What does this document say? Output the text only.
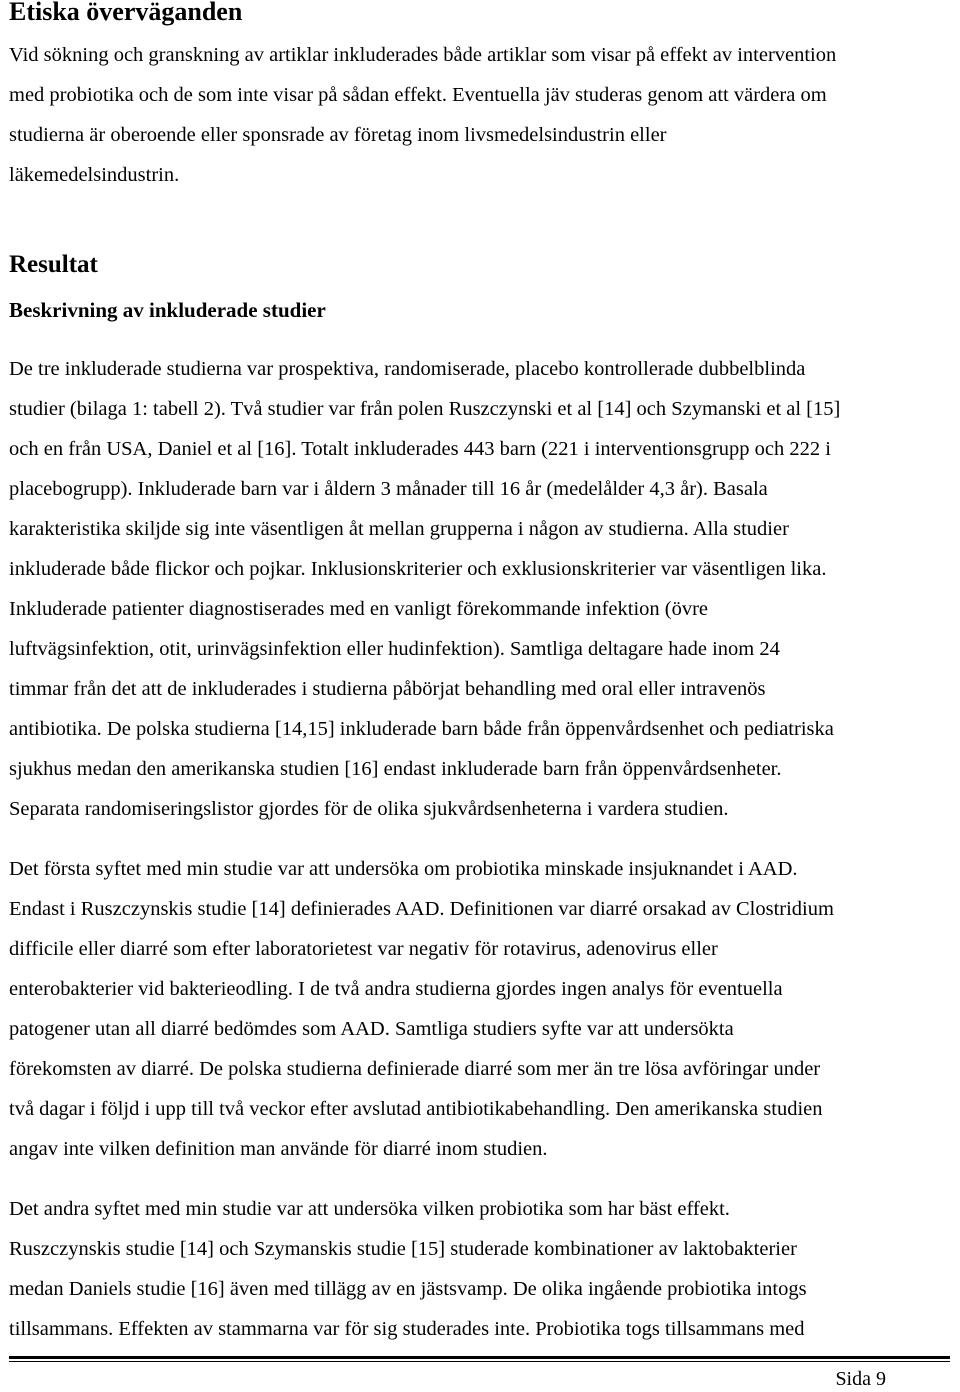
Etiska överväganden

Vid sökning och granskning av artiklar inkluderades både artiklar som visar på effekt av intervention
med probiotika och de som inte visar på sådan effekt. Eventuella jäv studeras genom att värdera om
studierna är oberoende eller sponsrade av företag inom livsmedelsindustrin eller
läkemedelsindustrin.

Resultat
Beskrivning av inkluderade studier

De tre inkluderade studierna var prospektiva, randomiserade, placebo kontrollerade dubbelblinda
studier (bilaga 1: tabell 2). Två studier var från polen Ruszczynski et al [14] och Szymanski et al [15]
och en från USA, Daniel et al [16]. Totalt inkluderades 443 barn (221 i interventionsgrupp och 222 i
placebogrupp). Inkluderade barn var i åldern 3 månader till 16 år (medelålder 4,3 år). Basala
karakteristika skiljde sig inte väsentligen åt mellan grupperna i någon av studierna. Alla studier
inkluderade både flickor och pojkar. Inklusionskriterier och exklusionskriterier var väsentligen lika.
Inkluderade patienter diagnostiserades med en vanligt förekommande infektion (övre
luftvägsinfektion, otit, urinvägsinfektion eller hudinfektion). Samtliga deltagare hade inom 24
timmar från det att de inkluderades i studierna påbörjat behandling med oral eller intravenös
antibiotika. De polska studierna [14,15] inkluderade barn både från öppenvårdsenhet och pediatriska
sjukhus medan den amerikanska studien [16] endast inkluderade barn från öppenvårdsenheter.
Separata randomiseringslistor gjordes för de olika sjukvårdsenheterna i vardera studien.

Det första syftet med min studie var att undersöka om probiotika minskade insjuknandet i AAD.
Endast i Ruszczynskis studie [14] definierades AAD. Definitionen var diarré orsakad av Clostridium
difficile eller diarré som efter laboratorietest var negativ för rotavirus, adenovirus eller
enterobakterier vid bakterieodling. I de två andra studierna gjordes ingen analys för eventuella
patogener utan all diarré bedömdes som AAD. Samtliga studiers syfte var att undersökta
förekomsten av diarré. De polska studierna definierade diarré som mer än tre lösa avföringar under
två dagar i följd i upp till två veckor efter avslutad antibiotikabehandling. Den amerikanska studien
angav inte vilken definition man använde för diarré inom studien.

Det andra syftet med min studie var att undersöka vilken probiotika som har bäst effekt.
Ruszczynskis studie [14] och Szymanskis studie [15] studerade kombinationer av laktobakterier
medan Daniels studie [16] även med tillägg av en jästsvamp. De olika ingående probiotika intogs
tillsammans. Effekten av stammarna var för sig studerades inte. Probiotika togs tillsammans med

Sida 9
